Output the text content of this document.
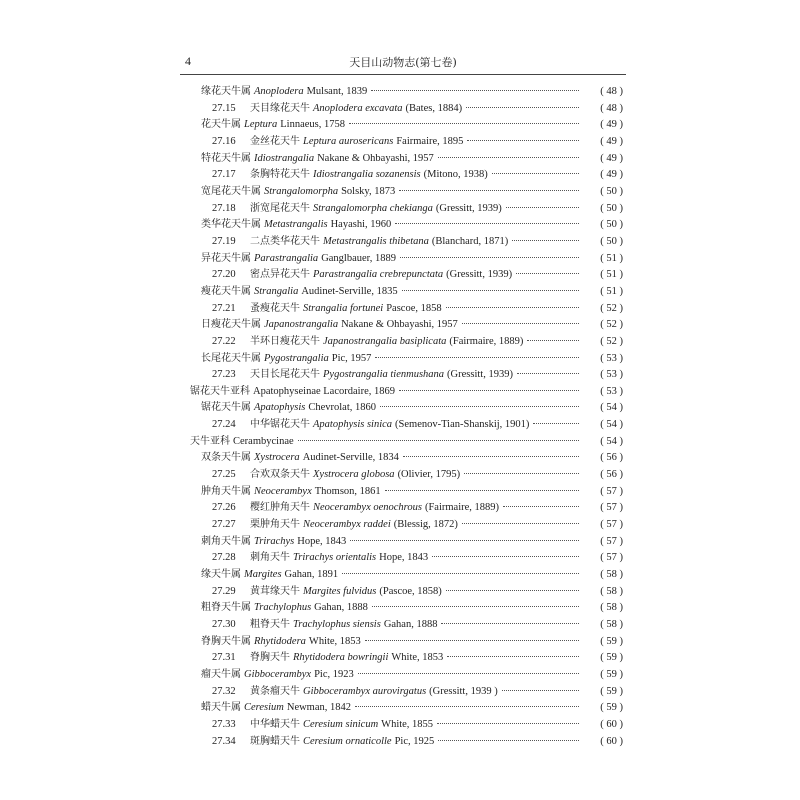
4	天目山动物志(第七卷)
缘花天牛属 Anoplodera Mulsant, 1839	( 48 )
27.15	天目缘花天牛 Anoplodera excavata (Bates, 1884)	( 48 )
花天牛属 Leptura Linnaeus, 1758	( 49 )
27.16	金丝花天牛 Leptura aurosericans Fairmaire, 1895	( 49 )
特花天牛属 Idiostrangalia Nakane & Ohbayashi, 1957	( 49 )
27.17	条胸特花天牛 Idiostrangalia sozanensis (Mitono, 1938)	( 49 )
宽尾花天牛属 Strangalomorpha Solsky, 1873	( 50 )
27.18	浙宽尾花天牛 Strangalomorpha chekianga (Gressitt, 1939)	( 50 )
类华花天牛属 Metastrangalis Hayashi, 1960	( 50 )
27.19	二点类华花天牛 Metastrangalis thibetana (Blanchard, 1871)	( 50 )
异花天牛属 Parastrangalia Ganglbauer, 1889	( 51 )
27.20	密点异花天牛 Parastrangalia crebrepunctata (Gressitt, 1939)	( 51 )
瘦花天牛属 Strangalia Audinet-Serville, 1835	( 51 )
27.21	蚤瘦花天牛 Strangalia fortunei Pascoe, 1858	( 52 )
日瘦花天牛属 Japanostrangalia Nakane & Ohbayashi, 1957	( 52 )
27.22	半环日瘦花天牛 Japanostrangalia basiplicata (Fairmaire, 1889)	( 52 )
长尾花天牛属 Pygostrangalia Pic, 1957	( 53 )
27.23	天目长尾花天牛 Pygostrangalia tienmushana (Gressitt, 1939)	( 53 )
锯花天牛亚科 Apatophyseinae Lacordaire, 1869	( 53 )
锯花天牛属 Apatophysis Chevrolat, 1860	( 54 )
27.24	中华锯花天牛 Apatophysis sinica (Semenov-Tian-Shanskij, 1901)	( 54 )
天牛亚科 Cerambycinae	( 54 )
双条天牛属 Xystrocera Audinet-Serville, 1834	( 56 )
27.25	合欢双条天牛 Xystrocera globosa (Olivier, 1795)	( 56 )
肿角天牛属 Neocerambyx Thomson, 1861	( 57 )
27.26	樱红肿角天牛 Neocerambyx oenochrous (Fairmaire, 1889)	( 57 )
27.27	栗肿角天牛 Neocerambyx raddei (Blessig, 1872)	( 57 )
刺角天牛属 Trirachys Hope, 1843	( 57 )
27.28	刺角天牛 Trirachys orientalis Hope, 1843	( 57 )
缘天牛属 Margites Gahan, 1891	( 58 )
27.29	黄茸缘天牛 Margites fulvidus (Pascoe, 1858)	( 58 )
粗脊天牛属 Trachylophus Gahan, 1888	( 58 )
27.30	粗脊天牛 Trachylophus siensis Gahan, 1888	( 58 )
脊胸天牛属 Rhytidodera White, 1853	( 59 )
27.31	脊胸天牛 Rhytidodera bowringii White, 1853	( 59 )
瘤天牛属 Gibbocerambyx Pic, 1923	( 59 )
27.32	黄条瘤天牛 Gibbocerambyx aurovirgatus (Gressitt, 1939 )	( 59 )
蜡天牛属 Ceresium Newman, 1842	( 59 )
27.33	中华蜡天牛 Ceresium sinicum White, 1855	( 60 )
27.34	斑胸蜡天牛 Ceresium ornaticolle Pic, 1925	( 60 )
